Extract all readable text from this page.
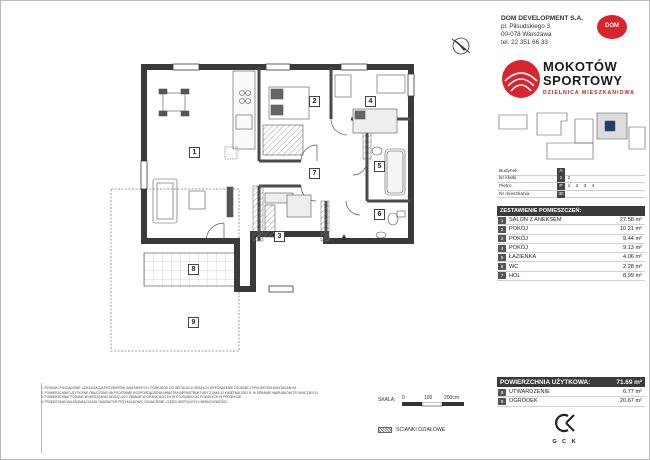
1
2
3
4
5
6
7
8
9

1. RYSUNKI POGLĄDOWE. LOKALIZACJA PRZYBORÓW SANITARNYCH, PODEJŚCIE DO INSTALACJI ORAZ ICH WYPOSAŻENIE ZGODNIE Z PROJEKTEM BUDOWLANYM.

2. POWIERZCHNIE UŻYTKOWE OBLICZONE NA PODSTAWIE ROZPORZĄDZENIA MINISTRA INFRASTRUKTURY Z DNIA 12 KWIETNIA 2002 R. W SPRAWIE WARUNKÓW TECHNICZNYCH.

3. POWIERZCHNIE PODANE W MIESZKANIU MOGĄ ULEC ZMIANIE W GRANICACH 3% W STOSUNKU DO PODANYCH W PROJEKCIE.

4. PRZEDSTAWIONA ARANŻACJA MA CHARAKTER PRZYKŁADOWY, OZNACZENIE CZĘŚCI WSPÓLNYCH NIERUCHOMOŚCI.	SKALA: 0	100 200cm
ŚCIANKI DZIAŁOWE
DOM DEVELOPMENT S.A.
pl. Piłsudskiego 3
00-078 Warszawa
tel. 22 351 66 33
DOM
MOKOTÓW
SPORTOWY
DZIELNICA MIESZKANIOWA
Budynek	A
Nr klatki	1	2
Piętro	P	1	2	3	4
Nr mieszkania	30
ZESTAWIENIE POMIESZCZEŃ:
1	SALON Z ANEKSEM	27.58 m²
2	POKÓJ	10.21 m²
3	POKÓJ	9.44 m²
4	POKÓJ	9.13 m²
5	ŁAZIENKA	4.06 m²
6	WC	2.28 m²
7	HOL	8.99 m²
POWIERZCHNIA UŻYTKOWA:	71.69 m²
8	UTWARDZENIE	6.77 m²
9	OGRÓDEK	20.67 m²
G C K
